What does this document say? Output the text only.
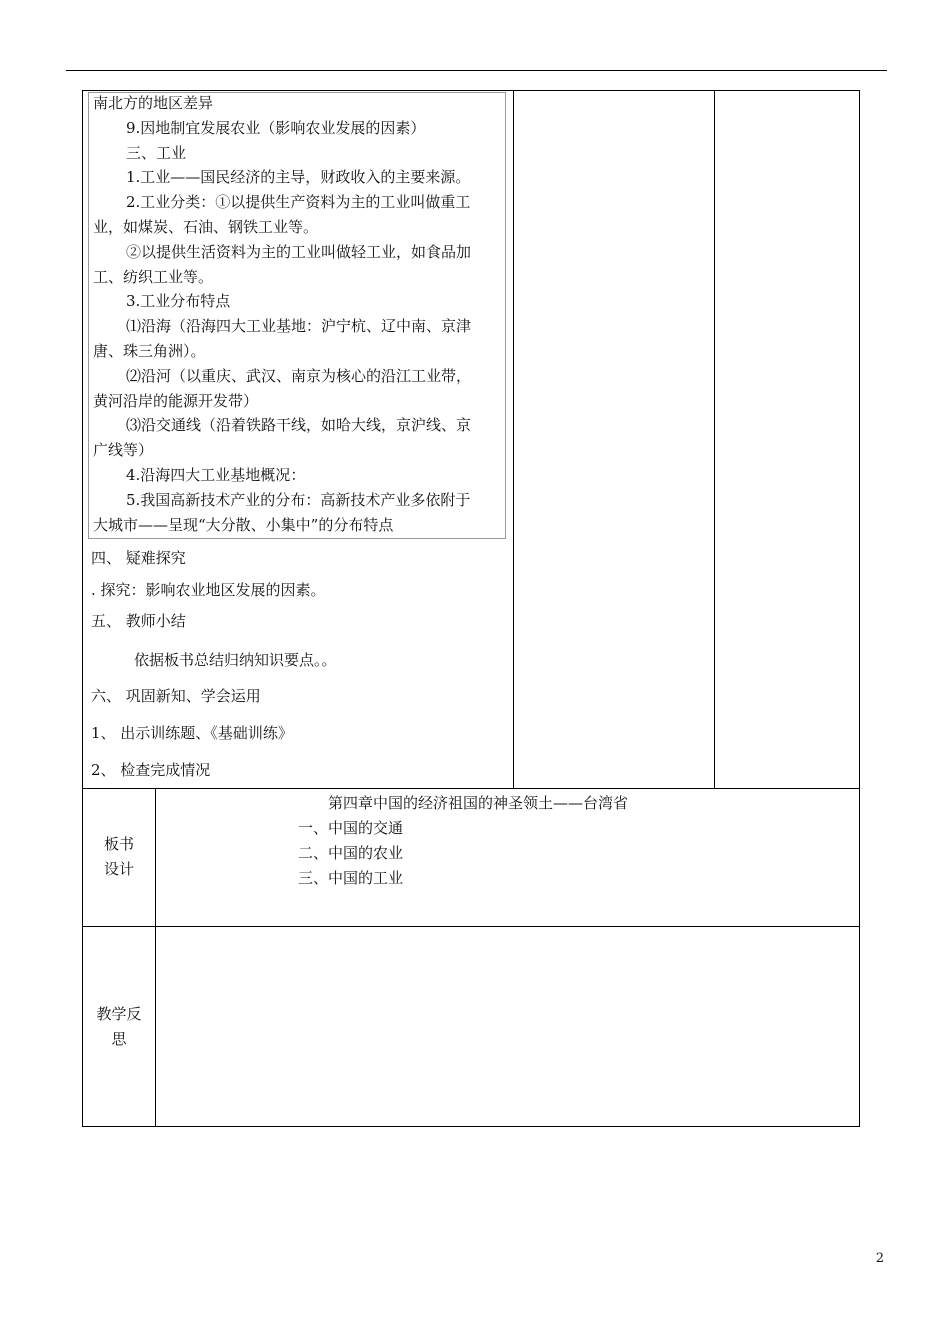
南北方的地区差异
9.因地制宜发展农业（影响农业发展的因素）
三、工业
1.工业——国民经济的主导，财政收入的主要来源。
2.工业分类：①以提供生产资料为主的工业叫做重工
业，如煤炭、石油、钢铁工业等。
②以提供生活资料为主的工业叫做轻工业，如食品加
工、纺织工业等。
3.工业分布特点
⑴沿海（沿海四大工业基地：沪宁杭、辽中南、京津
唐、珠三角洲）。
⑵沿河（以重庆、武汉、南京为核心的沿江工业带，
黄河沿岸的能源开发带）
⑶沿交通线（沿着铁路干线，如哈大线，京沪线、京
广线等）
4.沿海四大工业基地概况：
5.我国高新技术产业的分布：高新技术产业多依附于
大城市——呈现“大分散、小集中”的分布特点
四、 疑难探究
. 探究：影响农业地区发展的因素。
五、 教师小结
依据板书总结归纳知识要点。。
六、 巩固新知、学会运用
1、 出示训练题、《基础训练》
2、 检查完成情况
板书
设计
第四章中国的经济祖国的神圣领土——台湾省
一、中国的交通
二、中国的农业
三、中国的工业
教学反
思
2
